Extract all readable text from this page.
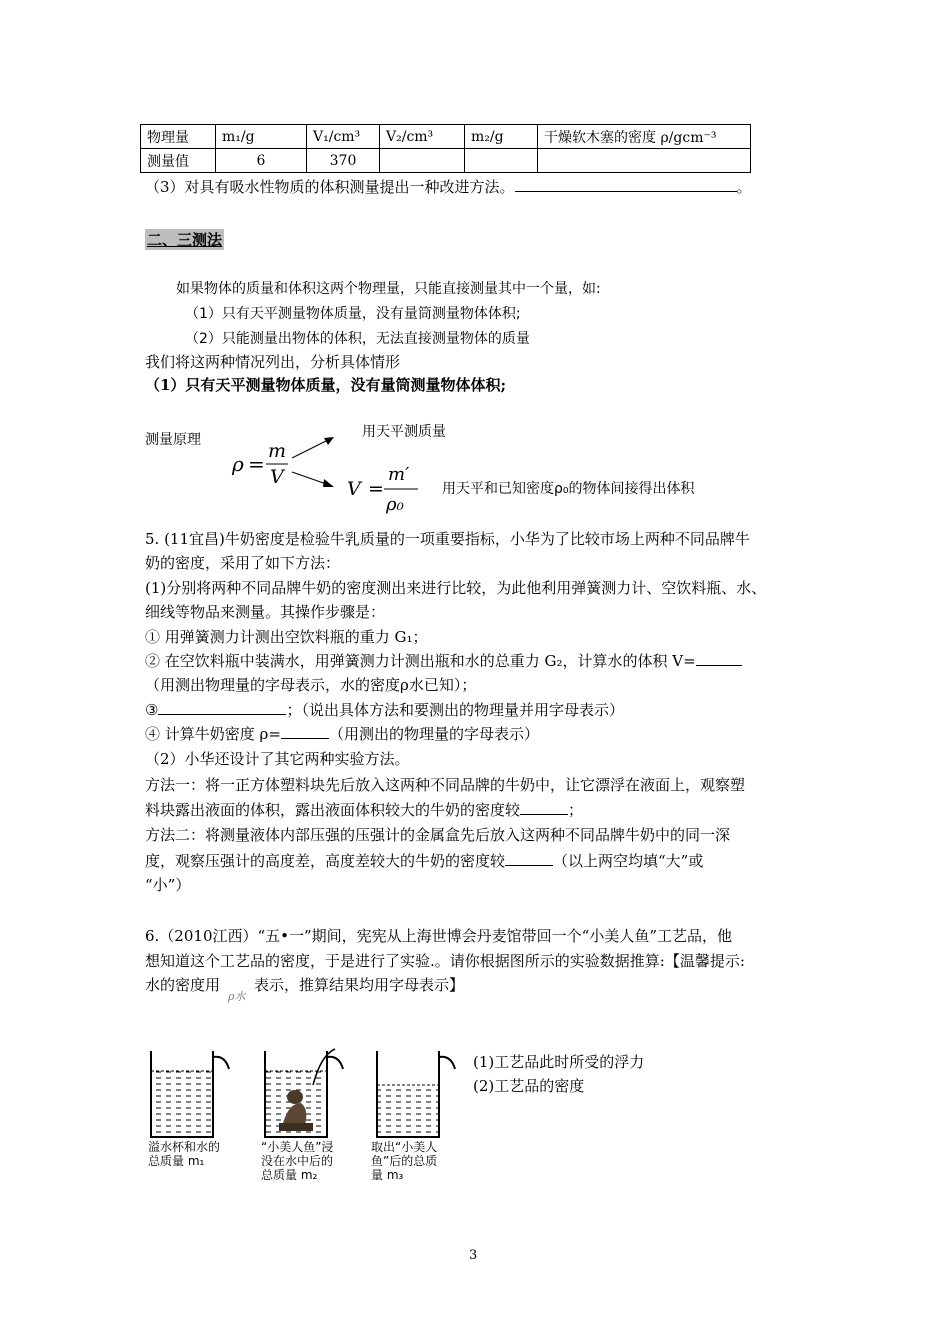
物理量	m₁/g	V₁/cm³	V₂/cm³	m₂/g	干燥软木塞的密度 ρ/gcm⁻³
测量值	6	370			
（3）对具有吸水性物质的体积测量提出一种改进方法。	。
二、三测法
如果物体的质量和体积这两个物理量，只能直接测量其中一个量，如:
（1）只有天平测量物体质量，没有量筒测量物体体积;
（2）只能测量出物体的体积，无法直接测量物体的质量
我们将这两种情况列出，分析具体情形
（1）只有天平测量物体质量，没有量筒测量物体体积;
测量原理
ρ =
m
V
用天平测质量
V =
m′
ρ₀
用天平和已知密度ρ₀的物体间接得出体积
5. (11宜昌)牛奶密度是检验牛乳质量的一项重要指标，小华为了比较市场上两种不同品牌牛
奶的密度，采用了如下方法：
(1)分别将两种不同品牌牛奶的密度测出来进行比较，为此他利用弹簧测力计、空饮料瓶、水、
细线等物品来测量。其操作步骤是：
① 用弹簧测力计测出空饮料瓶的重力 G₁；
② 在空饮料瓶中装满水，用弹簧测力计测出瓶和水的总重力 G₂，计算水的体积 V=
（用测出物理量的字母表示，水的密度ρ水已知）；
③	；（说出具体方法和要测出的物理量并用字母表示）
④ 计算牛奶密度 ρ=	（用测出的物理量的字母表示）
（2）小华还设计了其它两种实验方法。
方法一：将一正方体塑料块先后放入这两种不同品牌的牛奶中，让它漂浮在液面上，观察塑
料块露出液面的体积，露出液面体积较大的牛奶的密度较	；
方法二：将测量液体内部压强的压强计的金属盒先后放入这两种不同品牌牛奶中的同一深
度，观察压强计的高度差，高度差较大的牛奶的密度较	（以上两空均填“大”或
“小”）
6.（2010江西）“五•一”期间，宪宪从上海世博会丹麦馆带回一个“小美人鱼”工艺品，他
想知道这个工艺品的密度，于是进行了实验.。请你根据图所示的实验数据推算:【温馨提示:
水的密度用ρ水表示，推算结果均用字母表示】
溢水杯和水的
总质量 m₁
“小美人鱼”浸
没在水中后的
总质量 m₂
取出“小美人
鱼”后的总质
量 m₃
(1)工艺品此时所受的浮力
(2)工艺品的密度
3
